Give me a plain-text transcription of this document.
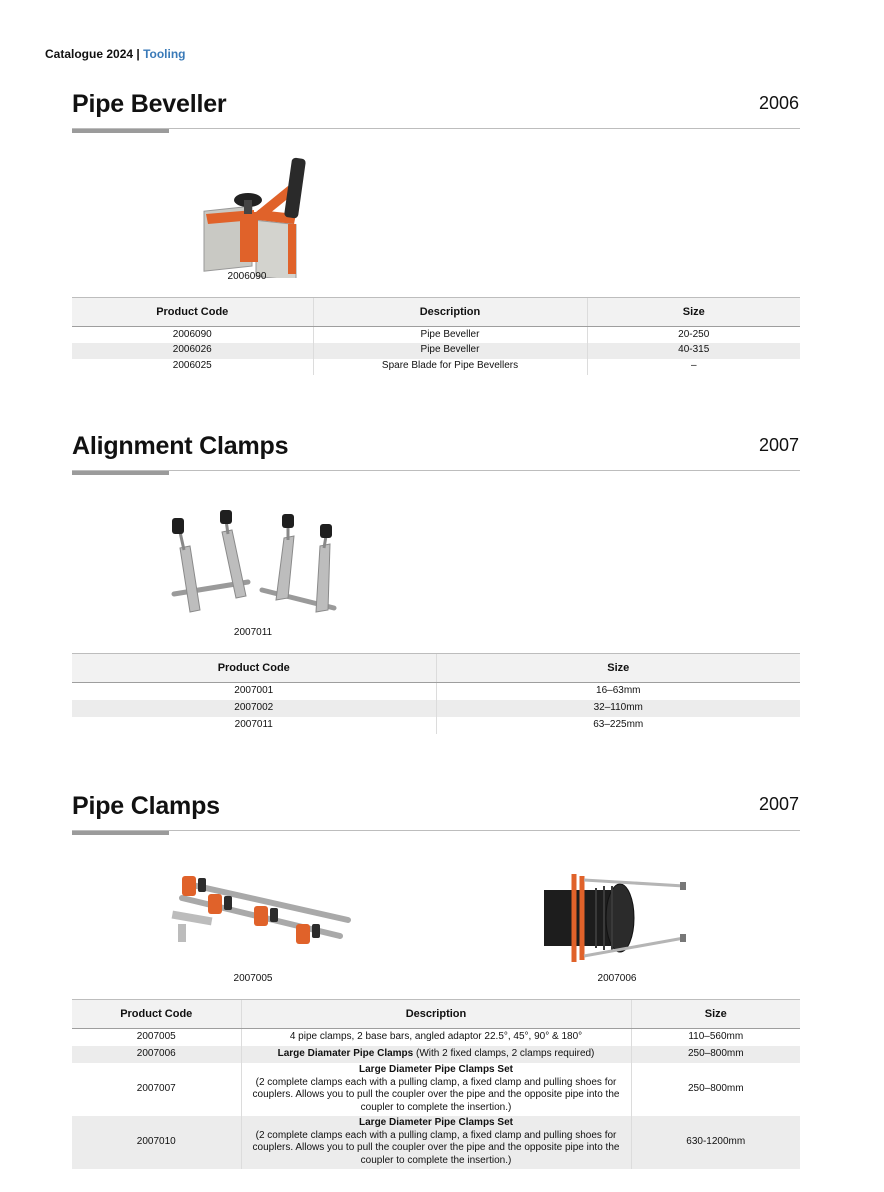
Catalogue 2024 | Tooling
Pipe Beveller	2006
2006090
Product Code	Description	Size
2006090	Pipe Beveller	20-250
2006026	Pipe Beveller	40-315
2006025	Spare Blade for Pipe Bevellers	–
Alignment Clamps	2007
2007011
Product Code	Size
2007001	16–63mm
2007002	32–110mm
2007011	63–225mm
Pipe Clamps	2007
2007005	2007006
Product Code	Description	Size
2007005	4 pipe clamps, 2 base bars, angled adaptor 22.5°, 45°, 90° & 180°	110–560mm
2007006	Large Diamater Pipe Clamps (With 2 fixed clamps, 2 clamps required)	250–800mm
2007007	Large Diameter Pipe Clamps Set
(2 complete clamps each with a pulling clamp, a fixed clamp and pulling shoes for couplers. Allows you to pull the coupler over the pipe and the opposite pipe into the coupler to complete the insertion.)	250–800mm
2007010	Large Diameter Pipe Clamps Set
(2 complete clamps each with a pulling clamp, a fixed clamp and pulling shoes for couplers. Allows you to pull the coupler over the pipe and the opposite pipe into the coupler to complete the insertion.)	630-1200mm
